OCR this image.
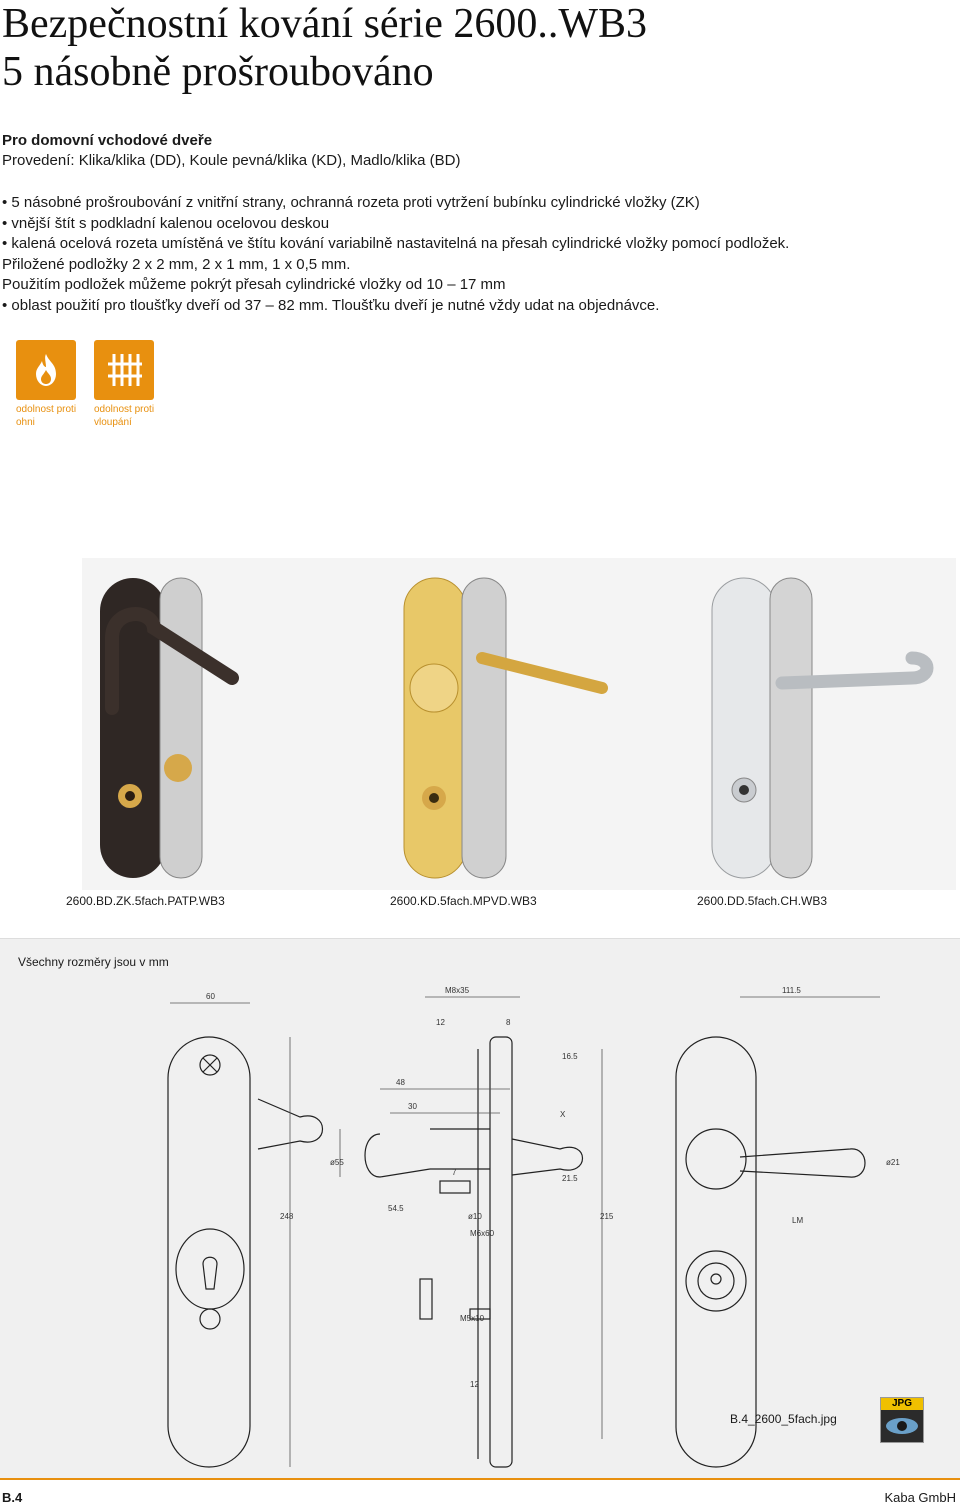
Bezpečnostní kování série 2600..WB3
5 násobně prošroubováno
Pro domovní vchodové dveře
Provedení: Klika/klika (DD), Koule pevná/klika (KD), Madlo/klika (BD)
• 5 násobné prošroubování z vnitřní strany, ochranná rozeta proti vytržení bubínku cylindrické vložky (ZK)
• vnější štít s podkladní kalenou ocelovou deskou
• kalená ocelová rozeta umístěná ve štítu kování variabilně nastavitelná na přesah cylindrické vložky pomocí podložek.
Přiložené podložky 2 x 2 mm, 2 x 1 mm, 1 x 0,5 mm.
Použitím podložek můžeme pokrýt přesah cylindrické vložky od 10 – 17 mm
• oblast použití pro tloušťky dveří od 37 – 82 mm. Tloušťku dveří je nutné vždy udat na objednávce.
odolnost proti
ohni
odolnost proti
vloupání
2600.BD.ZK.5fach.PATP.WB3	2600.KD.5fach.MPVD.WB3	2600.DD.5fach.CH.WB3
60
M8x35	111.5
12	8
16.5
48
30
X
ø55
7
21.5
ø21
248
54.5
ø10
M6x60
215	LM
M5x10
12
Všechny rozměry jsou v mm
B.4_2600_5fach.jpg
JPG
B.4	Kaba GmbH
